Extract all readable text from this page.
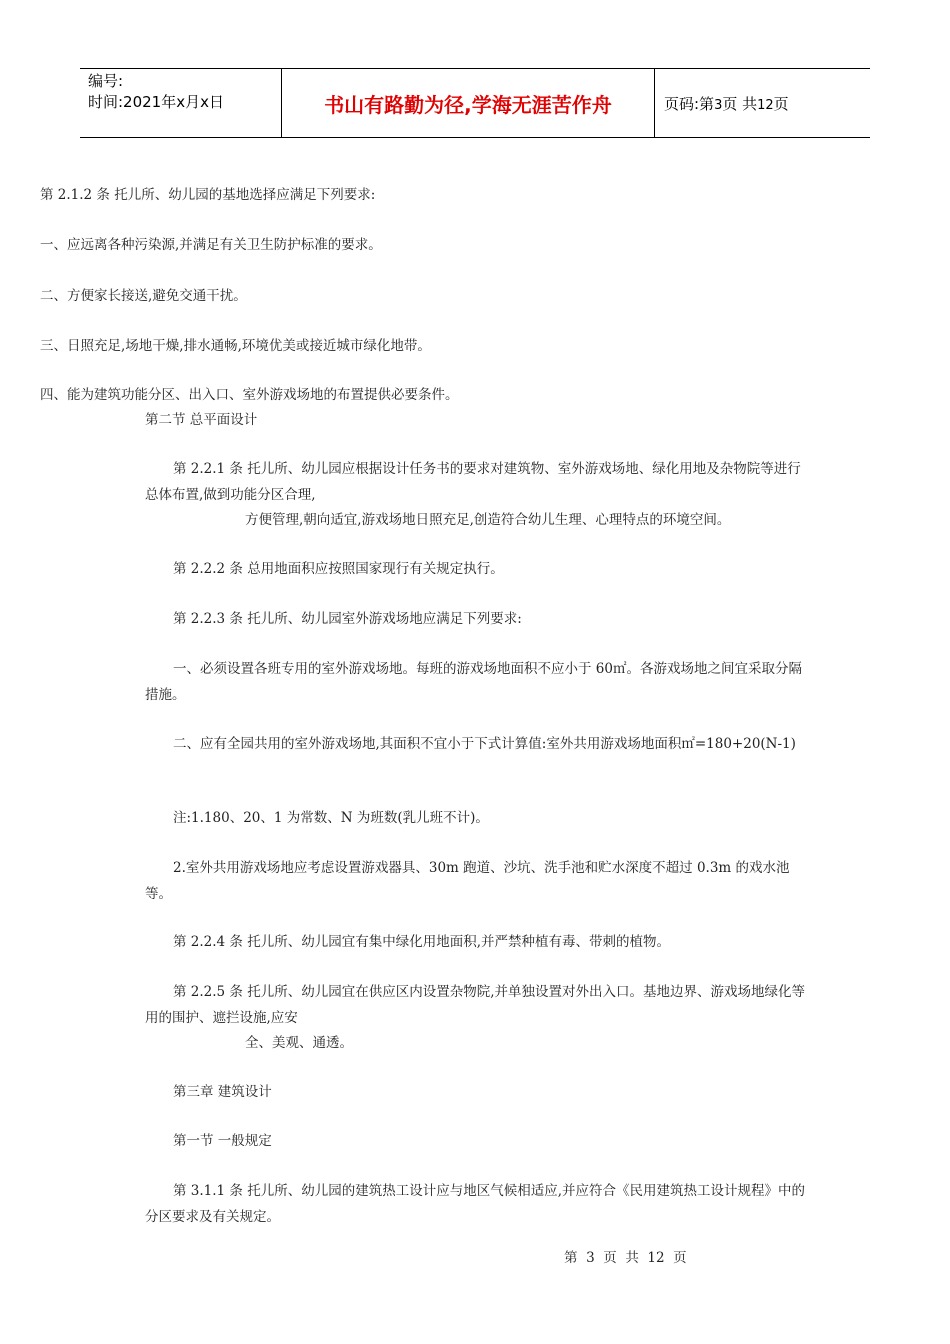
编号:
时间:2021年x月x日	书山有路勤为径,学海无涯苦作舟	页码:第3页 共12页
第 2.1.2 条 托儿所、幼儿园的基地选择应满足下列要求:
一、应远离各种污染源,并满足有关卫生防护标准的要求。
二、方便家长接送,避免交通干扰。
三、日照充足,场地干燥,排水通畅,环境优美或接近城市绿化地带。
四、能为建筑功能分区、出入口、室外游戏场地的布置提供必要条件。
第二节 总平面设计
第 2.2.1 条 托儿所、幼儿园应根据设计任务书的要求对建筑物、室外游戏场地、绿化用地及杂物院等进行总体布置,做到功能分区合理,
方便管理,朝向适宜,游戏场地日照充足,创造符合幼儿生理、心理特点的环境空间。
第 2.2.2 条 总用地面积应按照国家现行有关规定执行。
第 2.2.3 条 托儿所、幼儿园室外游戏场地应满足下列要求:
一、必须设置各班专用的室外游戏场地。每班的游戏场地面积不应小于 60㎡。各游戏场地之间宜采取分隔措施。
二、应有全园共用的室外游戏场地,其面积不宜小于下式计算值:室外共用游戏场地面积㎡=180+20(N-1)
注:1.180、20、1 为常数、N 为班数(乳儿班不计)。
2.室外共用游戏场地应考虑设置游戏器具、30m 跑道、沙坑、洗手池和贮水深度不超过 0.3m 的戏水池等。
第 2.2.4 条 托儿所、幼儿园宜有集中绿化用地面积,并严禁种植有毒、带刺的植物。
第 2.2.5 条 托儿所、幼儿园宜在供应区内设置杂物院,并单独设置对外出入口。基地边界、游戏场地绿化等用的围护、遮拦设施,应安
全、美观、通透。
第三章 建筑设计
第一节 一般规定
第 3.1.1 条 托儿所、幼儿园的建筑热工设计应与地区气候相适应,并应符合《民用建筑热工设计规程》中的分区要求及有关规定。
第  3  页  共  12  页
